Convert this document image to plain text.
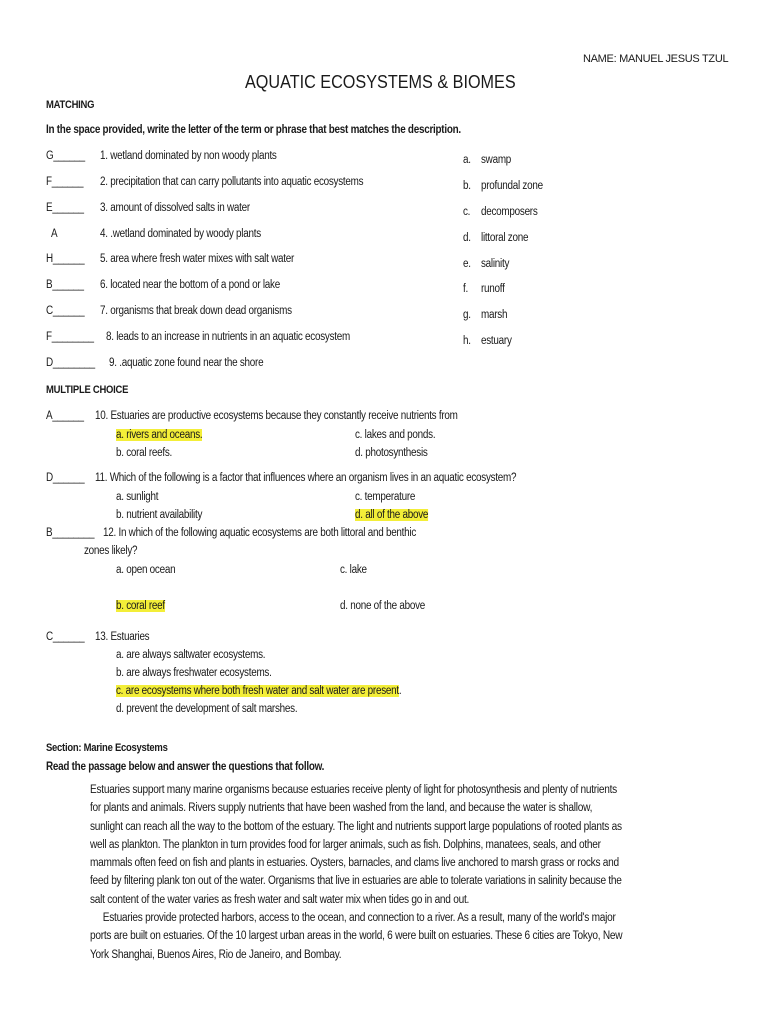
NAME: MANUEL JESUS TZUL
AQUATIC ECOSYSTEMS & BIOMES
MATCHING
In the space provided, write the letter of the term or phrase that best matches the description.
G______ 1. wetland dominated by non woody plants
F______ 2. precipitation that can carry pollutants into aquatic ecosystems
E______ 3. amount of dissolved salts in water
A	4. .wetland dominated by woody plants
H______ 5. area where fresh water mixes with salt water
B______ 6. located near the bottom of a pond or lake
C______ 7. organisms that break down dead organisms
F________ 8. leads to an increase in nutrients in an aquatic ecosystem
D________ 9. .aquatic zone found near the shore
a. swamp
b. profundal zone
c. decomposers
d. littoral zone
e. salinity
f. runoff
g. marsh
h. estuary
MULTIPLE CHOICE
A______ 10. Estuaries are productive ecosystems because they constantly receive nutrients from
a. rivers and oceans.
b. coral reefs.
c. lakes and ponds.
d. photosynthesis
D______ 11. Which of the following is a factor that influences where an organism lives in an aquatic ecosystem?
a. sunlight
b. nutrient availability
c. temperature
d. all of the above
B________ 12. In which of the following aquatic ecosystems are both littoral and benthic
zones likely?
a. open ocean	c. lake
b. coral reef	d. none of the above
C______ 13. Estuaries
a. are always saltwater ecosystems.
b. are always freshwater ecosystems.
c. are ecosystems where both fresh water and salt water are present.
d. prevent the development of salt marshes.
Section: Marine Ecosystems
Read the passage below and answer the questions that follow.
Estuaries support many marine organisms because estuaries receive plenty of light for photosynthesis and plenty of nutrients
for plants and animals. Rivers supply nutrients that have been washed from the land, and because the water is shallow,
sunlight can reach all the way to the bottom of the estuary. The light and nutrients support large populations of rooted plants as
well as plankton. The plankton in turn provides food for larger animals, such as fish. Dolphins, manatees, seals, and other
mammals often feed on fish and plants in estuaries. Oysters, barnacles, and clams live anchored to marsh grass or rocks and
feed by filtering plank ton out of the water. Organisms that live in estuaries are able to tolerate variations in salinity because the
salt content of the water varies as fresh water and salt water mix when tides go in and out.
Estuaries provide protected harbors, access to the ocean, and connection to a river. As a result, many of the world's major
ports are built on estuaries. Of the 10 largest urban areas in the world, 6 were built on estuaries. These 6 cities are Tokyo, New
York Shanghai, Buenos Aires, Rio de Janeiro, and Bombay.
